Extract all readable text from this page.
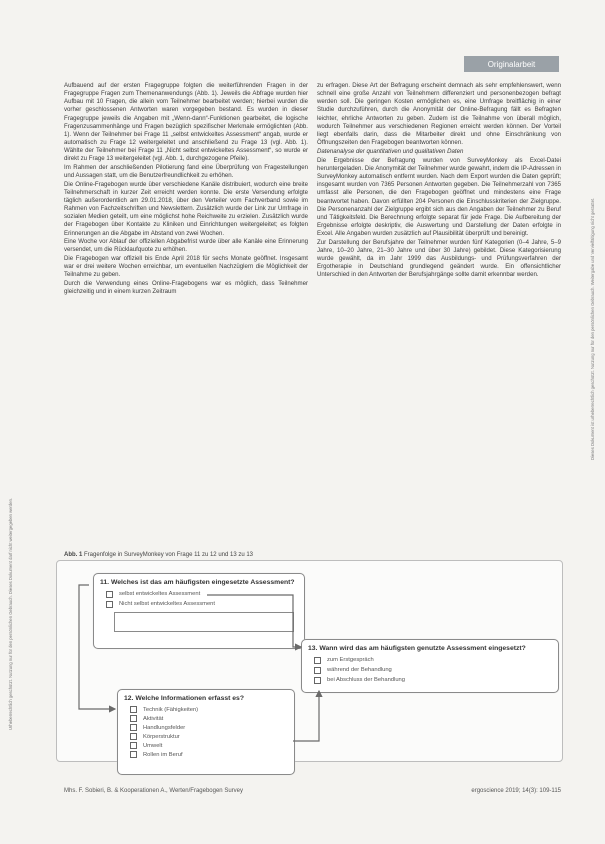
Originalarbeit
Urheberrechtlich geschützt. Nutzung nur für den persönlichen Gebrauch. Dieses Dokument darf nicht weitergegeben werden.
Dieses Dokument ist urheberrechtlich geschützt. Nutzung nur für den persönlichen Gebrauch. Weitergabe und Vervielfältigung nicht gestattet.

Aufbauend auf der ersten Fragegruppe folgten die weiterführenden Fragen in der Fragegruppe Fragen zum Themenanwendungs (Abb. 1). Jeweils die Abfrage wurden hier Aufbau mit 10 Fragen, die allein vom Teilnehmer bearbeitet werden; hierbei wurden die vorher geschlossenen Antworten waren vorgegeben bestand. Es wurden in dieser Fragegruppe jeweils die Angaben mit „Wenn-dann“-Funktionen gearbeitet, die logische Fragenzusammenhänge und Fragen bezüglich spezifischer Merkmale ermöglichten (Abb. 1). Wenn der Teilnehmer bei Frage 11 „selbst entwickeltes Assessment“ angab, wurde er automatisch zu Frage 12 weitergeleitet und anschließend zu Frage 13 (vgl. Abb. 1). Wählte der Teilnehmer bei Frage 11 „Nicht selbst entwickeltes Assessment“, so wurde er direkt zu Frage 13 weitergeleitet (vgl. Abb. 1, durchgezogene Pfeile).

Im Rahmen der anschließenden Pilotierung fand eine Überprüfung von Fragestellungen und Aussagen statt, um die Benutzerfreundlichkeit zu erhöhen.

Die Online-Fragebogen wurde über verschiedene Kanäle distribuiert, wodurch eine breite Teilnehmerschaft in kurzer Zeit erreicht werden konnte. Die erste Versendung erfolgte täglich außerordentlich am 29.01.2018, über den Verteiler vom Fachverband sowie im Rahmen von Fachzeitschriften und Newslettern. Zusätzlich wurde der Link zur Umfrage in sozialen Medien geteilt, um eine möglichst hohe Reichweite zu erzielen. Zusätzlich wurde der Fragebogen über Kontakte zu Kliniken und Einrichtungen weitergeleitet; es folgten Erinnerungen an die Abgabe im Abstand von zwei Wochen.

Eine Woche vor Ablauf der offiziellen Abgabefrist wurde über alle Kanäle eine Erinnerung versendet, um die Rücklaufquote zu erhöhen.

Die Fragebogen war offiziell bis Ende April 2018 für sechs Monate geöffnet. Insgesamt war er drei weitere Wochen erreichbar, um eventuellen Nachzüglern die Möglichkeit der Teilnahme zu geben.

Durch die Verwendung eines Online-Fragebogens war es möglich, dass Teilnehmer gleichzeitig und in einem kurzen Zeitraum

zu erfragen. Diese Art der Befragung erscheint demnach als sehr empfehlenswert, wenn schnell eine große Anzahl von Teilnehmern differenziert und personenbezogen befragt werden soll. Die geringen Kosten ermöglichen es, eine Umfrage breitflächig in einer Studie durchzuführen, durch die Anonymität der Online-Befragung fällt es Befragten leichter, ehrliche Antworten zu geben. Zudem ist die Teilnahme von überall möglich, wodurch Teilnehmer aus verschiedenen Regionen erreicht werden können. Der Vorteil liegt ebenfalls darin, dass die Mitarbeiter direkt und ohne Einschränkung von Öffnungszeiten den Fragebogen beantworten können.

Datenanalyse der quantitativen und qualitativen Daten

Die Ergebnisse der Befragung wurden von SurveyMonkey als Excel-Datei heruntergeladen. Die Anonymität der Teilnehmer wurde gewahrt, indem die IP-Adressen in SurveyMonkey automatisch entfernt wurden. Nach dem Export wurden die Daten geprüft; insgesamt wurden von 7365 Personen Antworten gegeben. Die Teilnehmerzahl von 7365 umfasst alle Personen, die den Fragebogen geöffnet und mindestens eine Frage beantwortet haben. Davon erfüllten 204 Personen die Einschlusskriterien der Zielgruppe. Die Personenanzahl der Zielgruppe ergibt sich aus den Angaben der Teilnehmer zu Beruf und Tätigkeitsfeld. Die Berechnung erfolgte separat für jede Frage. Die Aufbereitung der Ergebnisse erfolgte deskriptiv, die Auswertung und Darstellung der Daten erfolgte in Excel. Alle Angaben wurden zusätzlich auf Plausibilität überprüft und bereinigt.

Zur Darstellung der Berufsjahre der Teilnehmer wurden fünf Kategorien (0–4 Jahre, 5–9 Jahre, 10–20 Jahre, 21–30 Jahre und über 30 Jahre) gebildet. Diese Kategorisierung wurde gewählt, da im Jahr 1999 das Ausbildungs- und Prüfungsverfahren der Ergotherapie in Deutschland grundlegend geändert wurde. Ein offensichtlicher Unterschied in den Antworten der Berufsjahrgänge sollte damit erkennbar werden.

Abb. 1 Fragenfolge in SurveyMonkey von Frage 11 zu 12 und 13 zu 13
11. Welches ist das am häufigsten eingesetzte Assessment?
selbst entwickeltes Assessment
Nicht selbst entwickeltes Assessment
13. Wann wird das am häufigsten genutzte Assessment eingesetzt?
zum Erstgespräch
während der Behandlung
bei Abschluss der Behandlung
12. Welche Informationen erfasst es?
Technik (Fähigkeiten)
Aktivität
Handlungsfelder
Körperstruktur
Umwelt
Rollen im Beruf
Mhs. F. Sobieri, B. & Kooperationen A., Werten/Fragebogen Survey	ergoscience 2019; 14(3): 109-115
